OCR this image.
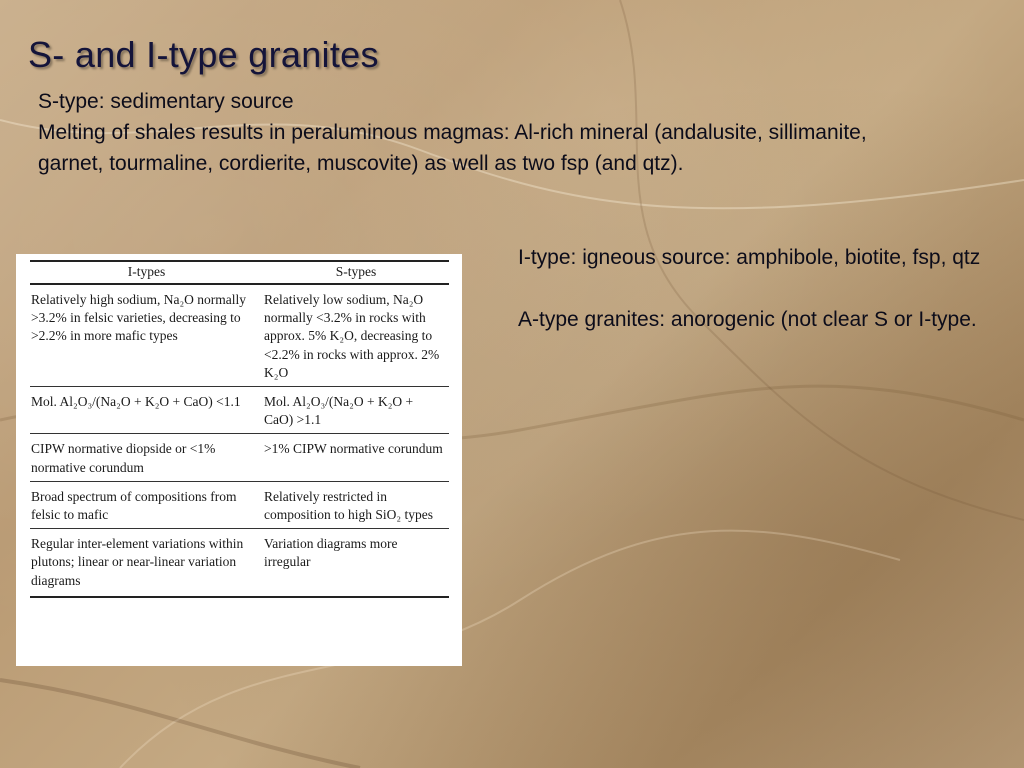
S- and I-type granites

S-type: sedimentary source

Melting of shales results in peraluminous magmas: Al-rich mineral (andalusite, sillimanite, garnet, tourmaline, cordierite, muscovite) as well as two fsp (and qtz).

I-types	S-types
Relatively high sodium, Na₂O normally >3.2% in felsic varieties, decreasing to >2.2% in more mafic types	Relatively low sodium, Na₂O normally <3.2% in rocks with approx. 5% K₂O, decreasing to <2.2% in rocks with approx. 2% K₂O
Mol. Al₂O₃/(Na₂O + K₂O + CaO) <1.1	Mol. Al₂O₃/(Na₂O + K₂O + CaO) >1.1
CIPW normative diopside or <1% normative corundum	>1% CIPW normative corundum
Broad spectrum of compositions from felsic to mafic	Relatively restricted in composition to high SiO₂ types
Regular inter-element variations within plutons; linear or near-linear variation diagrams	Variation diagrams more irregular

I-type: igneous source: amphibole, biotite, fsp, qtz

A-type granites: anorogenic (not clear S or I-type.
